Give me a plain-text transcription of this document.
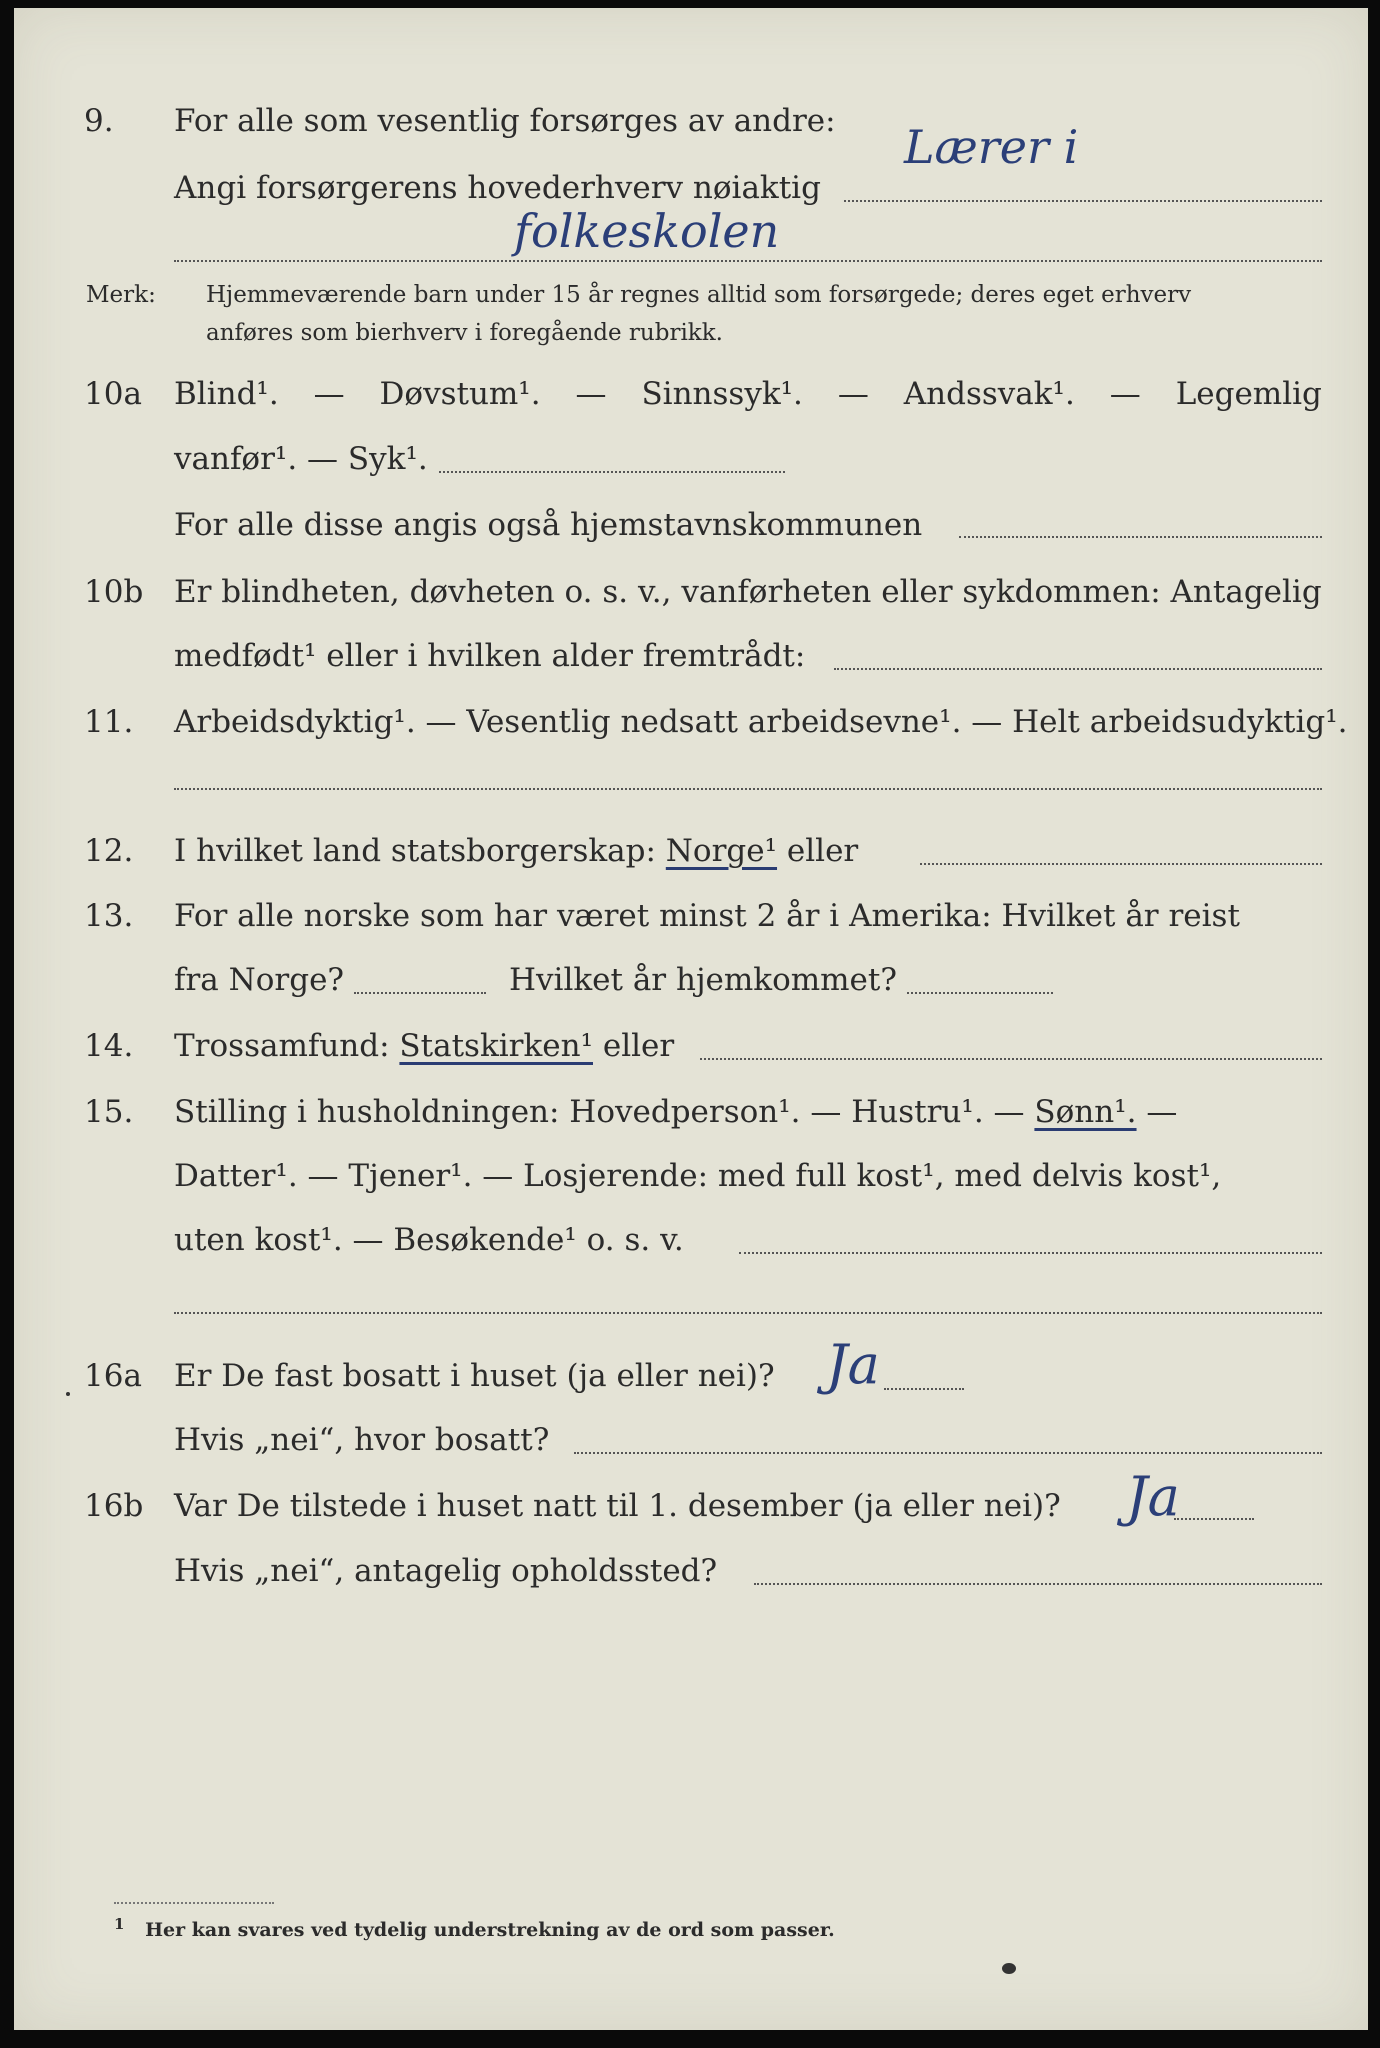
9. For alle som vesentlig forsørges av andre:
Angi forsørgerens hovederhverv nøiaktig
Lærer i
folkeskolen
Merk: Hjemmeværende barn under 15 år regnes alltid som forsørgede; deres eget erhverv
anføres som bierhverv i foregående rubrikk.
10a Blind¹. — Døvstum¹. — Sinnssyk¹. — Andssvak¹. — Legemlig
vanfør¹. — Syk¹.
For alle disse angis også hjemstavnskommunen
10b Er blindheten, døvheten o. s. v., vanførheten eller sykdommen: Antagelig
medfødt¹ eller i hvilken alder fremtrådt:
11. Arbeidsdyktig¹. — Vesentlig nedsatt arbeidsevne¹. — Helt arbeidsudyktig¹.
12. I hvilket land statsborgerskap: Norge¹ eller
13. For alle norske som har været minst 2 år i Amerika: Hvilket år reist
fra Norge?	Hvilket år hjemkommet?
14. Trossamfund: Statskirken¹ eller
15. Stilling i husholdningen: Hovedperson¹. — Hustru¹. — Sønn¹. —
Datter¹. — Tjener¹. — Losjerende: med full kost¹, med delvis kost¹,
uten kost¹. — Besøkende¹ o. s. v.
16a Er De fast bosatt i huset (ja eller nei)? Ja
Hvis „nei“, hvor bosatt?
16b Var De tilstede i huset natt til 1. desember (ja eller nei)? Ja
Hvis „nei“, antagelig opholdssted?
$^1$ Her kan svares ved tydelig understrekning av de ord som passer.
